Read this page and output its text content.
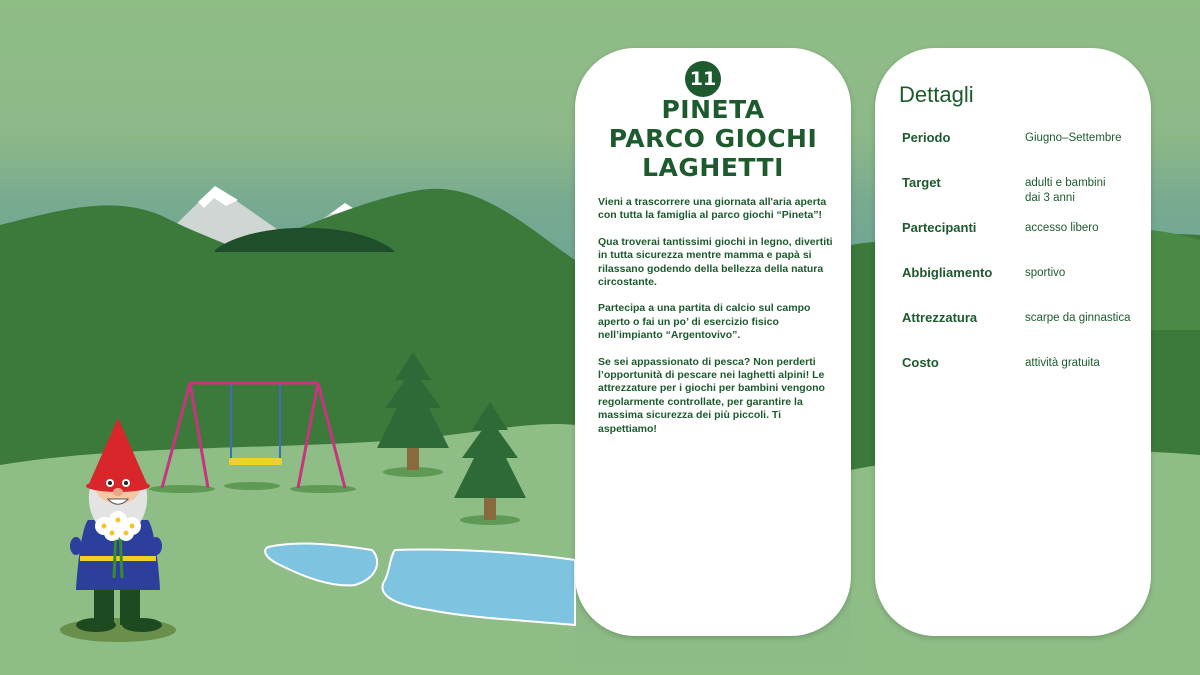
11
PINETA
PARCO GIOCHI
LAGHETTI

Vieni a trascorrere una giornata all'aria aperta con tutta la famiglia al parco giochi “Pineta”!

Qua troverai tantissimi giochi in legno, divertiti in tutta sicurezza mentre mamma e papà si rilassano godendo della bellezza della natura circostante.

Partecipa a una partita di calcio sul campo aperto o fai un po’ di esercizio fisico nell’impianto “Argentovivo”.

Se sei appassionato di pesca? Non perderti l’opportunità di pescare nei laghetti alpini! Le attrezzature per i giochi per bambini vengono regolarmente controllate, per garantire la massima sicurezza dei più piccoli. Ti aspettiamo!

Dettagli
Periodo	Giugno–Settembre
Target	adulti e bambini dai 3 anni
Partecipanti	accesso libero
Abbigliamento	sportivo
Attrezzatura	scarpe da ginnastica
Costo	attività gratuita
